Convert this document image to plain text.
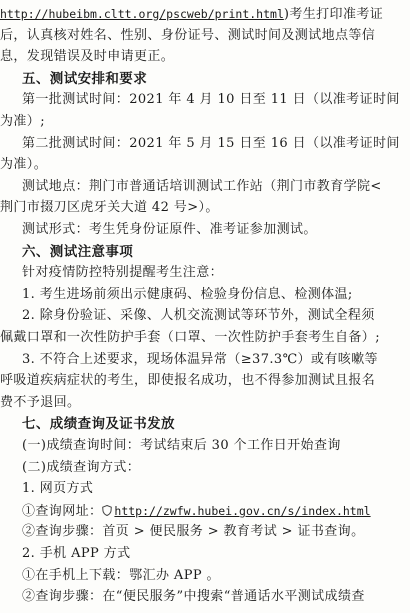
http://hubeibm.cltt.org/pscweb/print.html)考生打印准考证
后，认真核对姓名、性别、身份证号、测试时间及测试地点等信
息，发现错误及时申请更正。
五、测试安排和要求
第一批测试时间：2021 年 4 月 10 日至 11 日（以准考证时间
为准）;
第二批测试时间：2021 年 5 月 15 日至 16 日（以准考证时间
为准）。
测试地点：荆门市普通话培训测试工作站（荆门市教育学院<
荆门市掇刀区虎牙关大道 42 号>）。
测试形式：考生凭身份证原件、准考证参加测试。
六、测试注意事项
针对疫情防控特别提醒考生注意：
1. 考生进场前须出示健康码、检验身份信息、检测体温;
2. 除身份验证、采像、人机交流测试等环节外，测试全程须
佩戴口罩和一次性防护手套（口罩、一次性防护手套考生自备）;
3. 不符合上述要求，现场体温异常（≥37.3℃）或有咳嗽等
呼吸道疾病症状的考生，即使报名成功，也不得参加测试且报名
费不予退回。
七、成绩查询及证书发放
(一)成绩查询时间：考试结束后 30 个工作日开始查询
(二)成绩查询方式：
1. 网页方式
①查询网址： http://zwfw.hubei.gov.cn/s/index.html
②查询步骤：首页 > 便民服务 > 教育考试 > 证书查询。
2. 手机 APP 方式
①在手机上下载：鄂汇办 APP 。
②查询步骤：在“便民服务”中搜索“普通话水平测试成绩查
